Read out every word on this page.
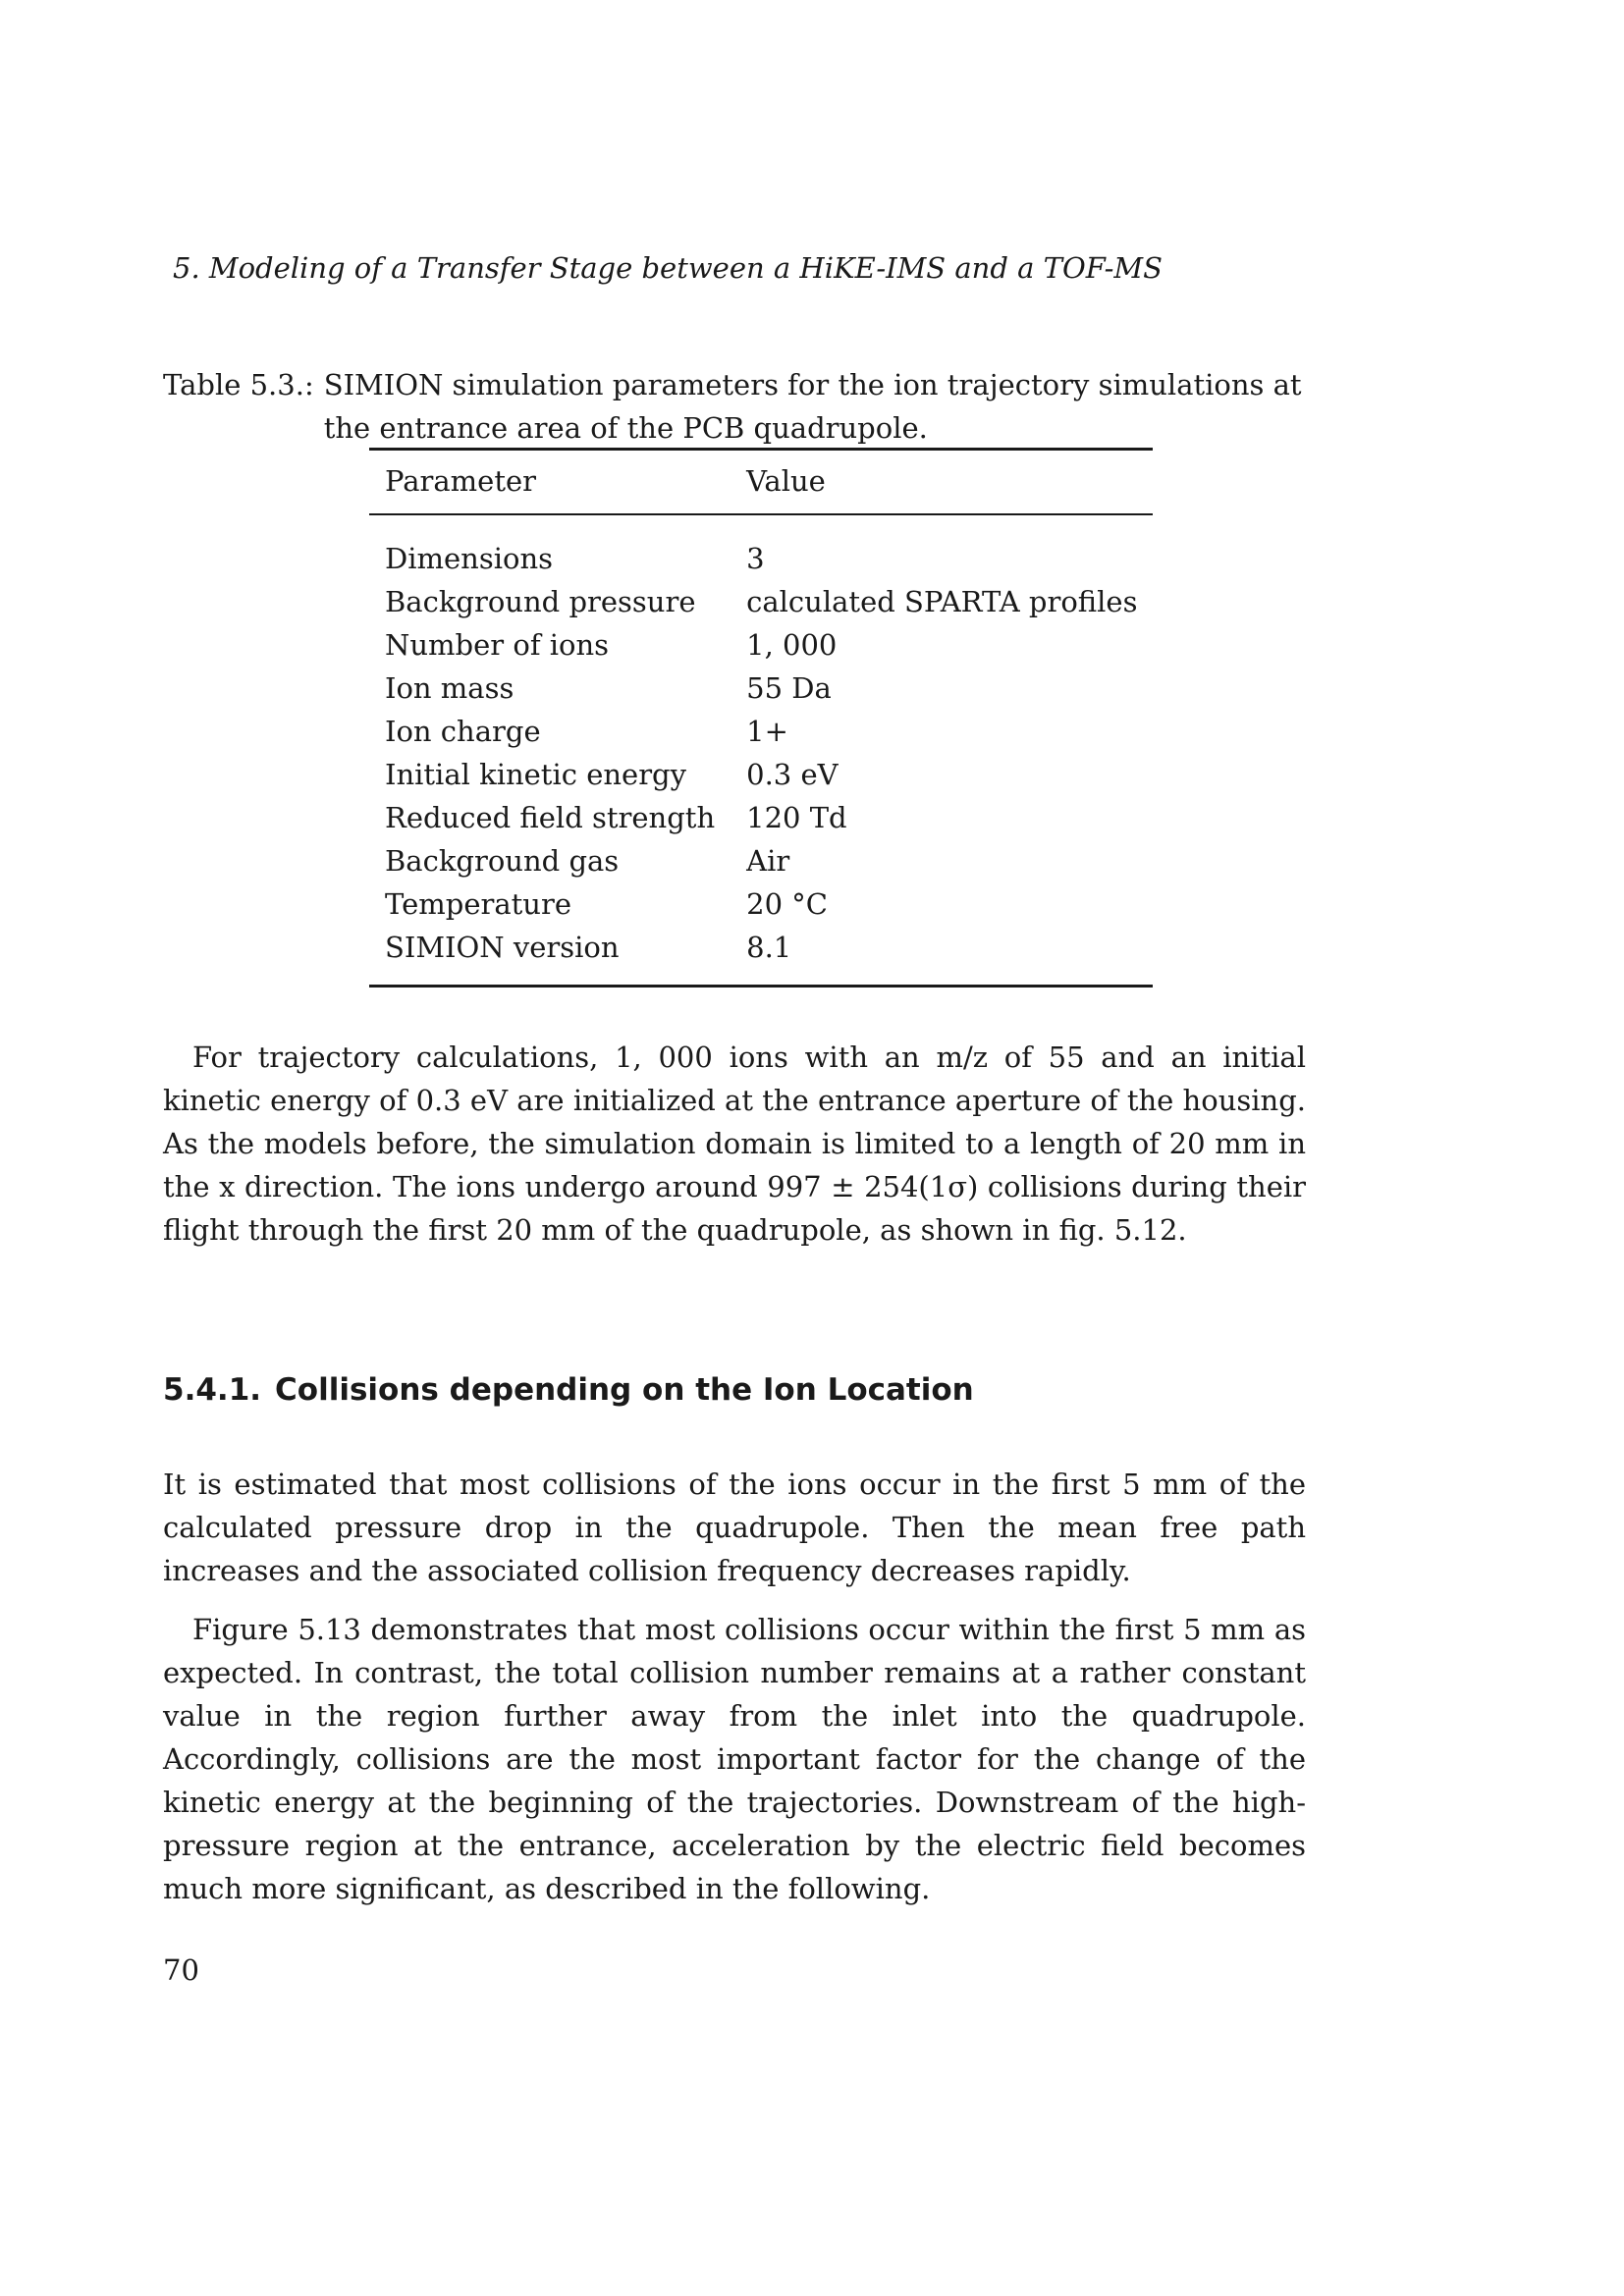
5. Modeling of a Transfer Stage between a HiKE-IMS and a TOF-MS
Table 5.3.: SIMION simulation parameters for the ion trajectory simulations at the entrance area of the PCB quadrupole.
Parameter	Value
Dimensions	3
Background pressure	calculated SPARTA profiles
Number of ions	1, 000
Ion mass	55 Da
Ion charge	1+
Initial kinetic energy	0.3 eV
Reduced field strength	120 Td
Background gas	Air
Temperature	20 °C
SIMION version	8.1

For trajectory calculations, 1, 000 ions with an m/z of 55 and an initial kinetic energy of 0.3 eV are initialized at the entrance aperture of the housing. As the models before, the simulation domain is limited to a length of 20 mm in the x direction. The ions undergo around 997 ± 254(1σ) collisions during their flight through the first 20 mm of the quadrupole, as shown in fig. 5.12.

5.4.1. Collisions depending on the Ion Location

It is estimated that most collisions of the ions occur in the first 5 mm of the calculated pressure drop in the quadrupole. Then the mean free path increases and the associated collision frequency decreases rapidly.

Figure 5.13 demonstrates that most collisions occur within the first 5 mm as expected. In contrast, the total collision number remains at a rather constant value in the region further away from the inlet into the quadrupole. Accordingly, collisions are the most important factor for the change of the kinetic energy at the beginning of the trajectories. Downstream of the high-pressure region at the entrance, acceleration by the electric field becomes much more significant, as described in the following.

70
